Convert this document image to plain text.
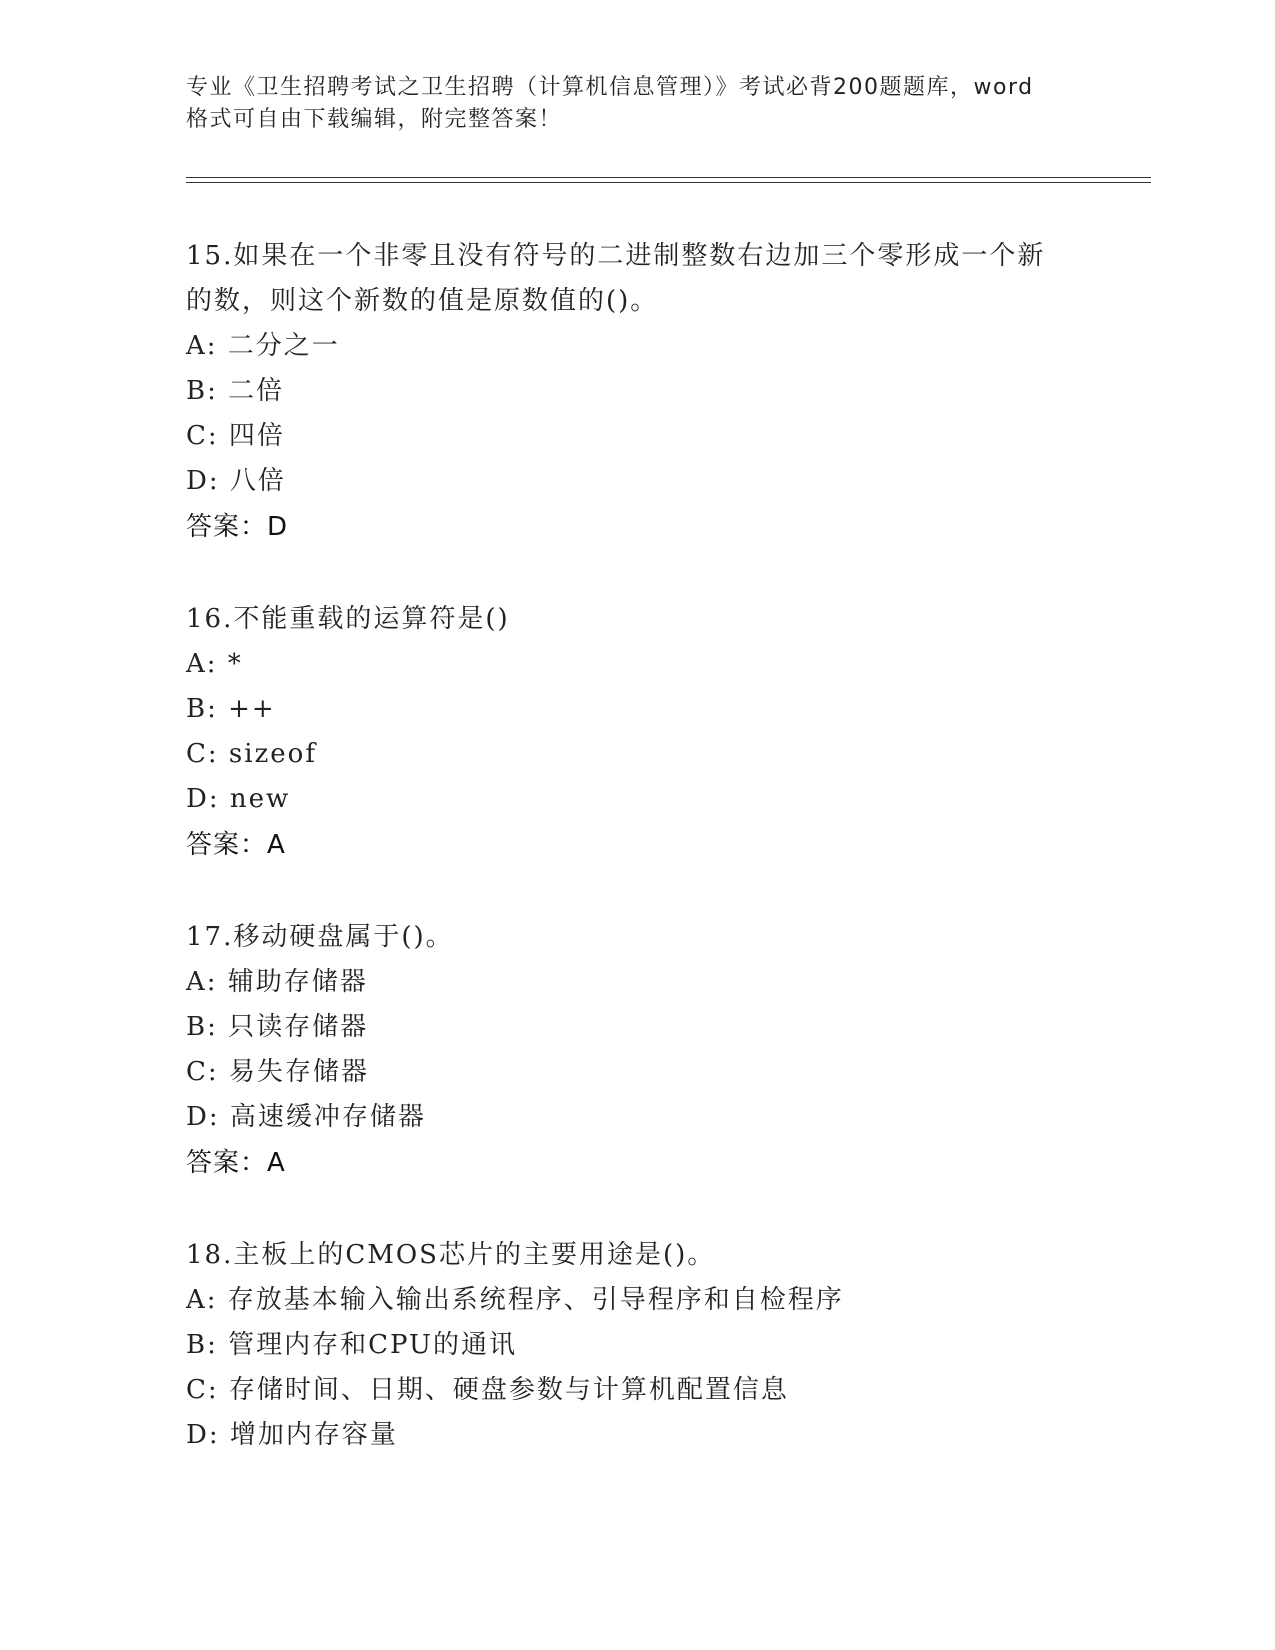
专业《卫生招聘考试之卫生招聘（计算机信息管理）》考试必背200题题库，word
格式可自由下载编辑，附完整答案！
15.如果在一个非零且没有符号的二进制整数右边加三个零形成一个新
的数，则这个新数的值是原数值的()。
A: 二分之一
B: 二倍
C: 四倍
D: 八倍
答案：D
16.不能重载的运算符是()
A: *
B: ++
C: sizeof
D: new
答案：A
17.移动硬盘属于()。
A: 辅助存储器
B: 只读存储器
C: 易失存储器
D: 高速缓冲存储器
答案：A
18.主板上的CMOS芯片的主要用途是()。
A: 存放基本输入输出系统程序、引导程序和自检程序
B: 管理内存和CPU的通讯
C: 存储时间、日期、硬盘参数与计算机配置信息
D: 增加内存容量
